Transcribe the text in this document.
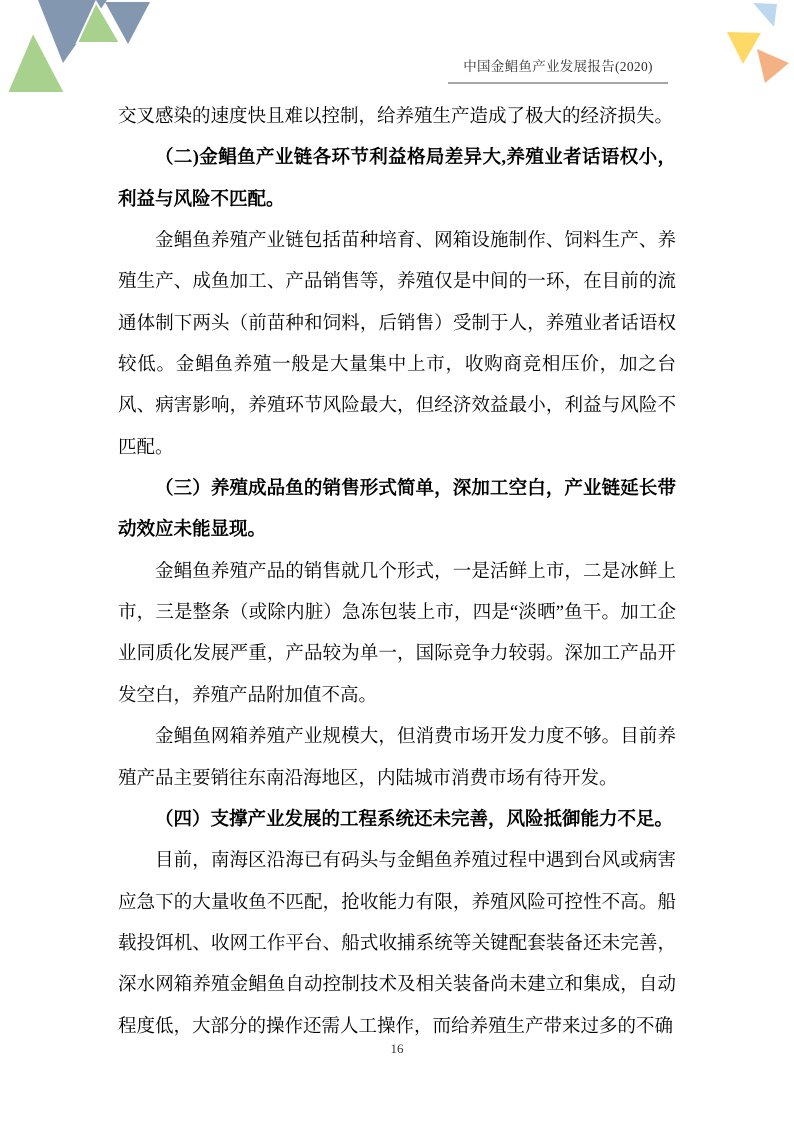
中国金鲳鱼产业发展报告(2020)

交叉感染的速度快且难以控制，给养殖生产造成了极大的经济损失。

（二)金鲳鱼产业链各环节利益格局差异大,养殖业者话语权小，利益与风险不匹配。

金鲳鱼养殖产业链包括苗种培育、网箱设施制作、饲料生产、养殖生产、成鱼加工、产品销售等，养殖仅是中间的一环，在目前的流通体制下两头（前苗种和饲料，后销售）受制于人，养殖业者话语权较低。金鲳鱼养殖一般是大量集中上市，收购商竞相压价，加之台风、病害影响，养殖环节风险最大，但经济效益最小，利益与风险不匹配。

（三）养殖成品鱼的销售形式简单，深加工空白，产业链延长带动效应未能显现。

金鲳鱼养殖产品的销售就几个形式，一是活鲜上市，二是冰鲜上市，三是整条（或除内脏）急冻包装上市，四是“淡晒”鱼干。加工企业同质化发展严重，产品较为单一，国际竞争力较弱。深加工产品开发空白，养殖产品附加值不高。

金鲳鱼网箱养殖产业规模大，但消费市场开发力度不够。目前养殖产品主要销往东南沿海地区，内陆城市消费市场有待开发。

（四）支撑产业发展的工程系统还未完善，风险抵御能力不足。

目前，南海区沿海已有码头与金鲳鱼养殖过程中遇到台风或病害应急下的大量收鱼不匹配，抢收能力有限，养殖风险可控性不高。船载投饵机、收网工作平台、船式收捕系统等关键配套装备还未完善，深水网箱养殖金鲳鱼自动控制技术及相关装备尚未建立和集成，自动程度低，大部分的操作还需人工操作，而给养殖生产带来过多的不确

16
